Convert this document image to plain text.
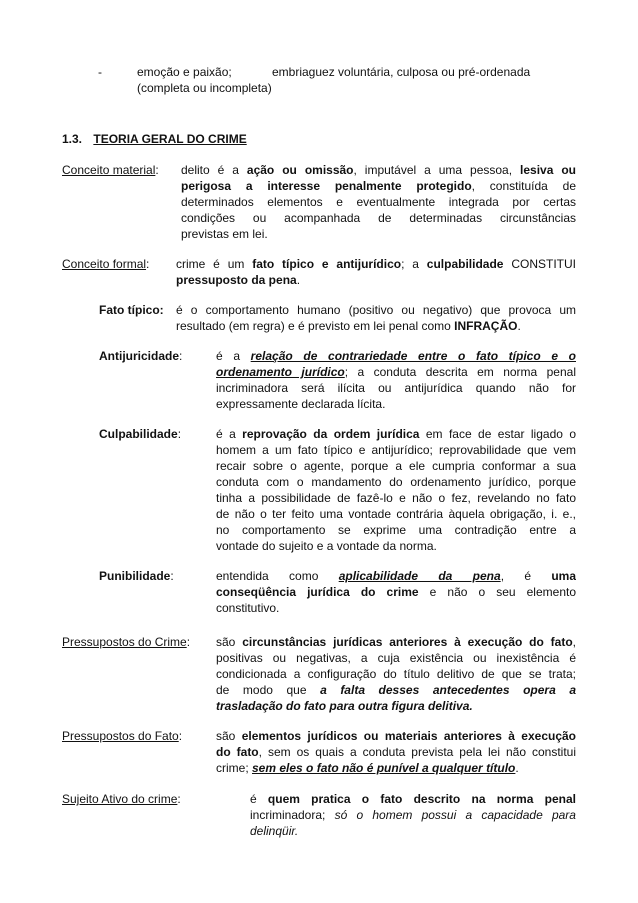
-	emoção e paixão;	embriaguez voluntária, culposa ou pré-ordenada
(completa ou incompleta)
1.3. TEORIA GERAL DO CRIME
Conceito material: delito é a ação ou omissão, imputável a uma pessoa, lesiva ou
perigosa a interesse penalmente protegido, constituída de
determinados elementos e eventualmente integrada por certas
condições ou acompanhada de determinadas circunstâncias
previstas em lei.
Conceito formal: crime é um fato típico e antijurídico; a culpabilidade CONSTITUI
pressuposto da pena.
Fato típico: é o comportamento humano (positivo ou negativo) que provoca um
resultado (em regra) e é previsto em lei penal como INFRAÇÃO.
Antijuricidade:	é a relação de contrariedade entre o fato típico e o
ordenamento jurídico; a conduta descrita em norma penal
incriminadora será ilícita ou antijurídica quando não for
expressamente declarada lícita.
Culpabilidade:	é a reprovação da ordem jurídica em face de estar ligado o
homem a um fato típico e antijurídico; reprovabilidade que vem
recair sobre o agente, porque a ele cumpria conformar a sua
conduta com o mandamento do ordenamento jurídico, porque
tinha a possibilidade de fazê-lo e não o fez, revelando no fato
de não o ter feito uma vontade contrária àquela obrigação, i. e.,
no comportamento se exprime uma contradição entre a
vontade do sujeito e a vontade da norma.
Punibilidade:	entendida como aplicabilidade da pena, é uma
conseqüência jurídica do crime e não o seu elemento
constitutivo.
Pressupostos do Crime: são circunstâncias jurídicas anteriores à execução do fato,
positivas ou negativas, a cuja existência ou inexistência é
condicionada a configuração do título delitivo de que se trata;
de modo que a falta desses antecedentes opera a
trasladação do fato para outra figura delitiva.
Pressupostos do Fato:	são elementos jurídicos ou materiais anteriores à execução
do fato, sem os quais a conduta prevista pela lei não constitui
crime; sem eles o fato não é punível a qualquer título.
Sujeito Ativo do crime:	é quem pratica o fato descrito na norma penal
incriminadora; só o homem possui a capacidade para
delinqüir.
